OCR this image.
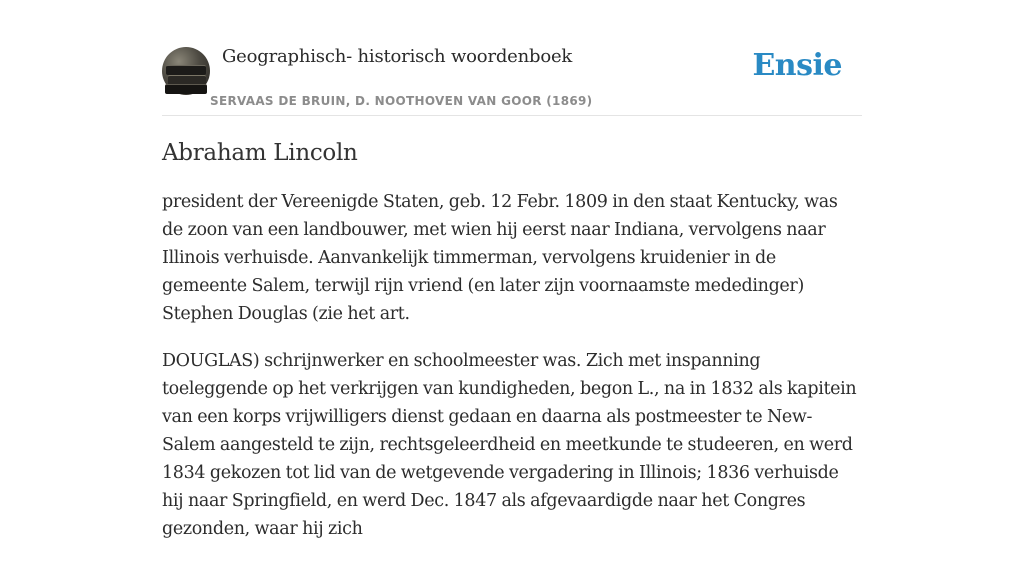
Geographisch- historisch woordenboek
SERVAAS DE BRUIN, D. NOOTHOVEN VAN GOOR (1869)
Ensie
Abraham Lincoln

president der Vereenigde Staten, geb. 12 Febr. 1809 in den staat Kentucky, was de zoon van een landbouwer, met wien hij eerst naar Indiana, vervolgens naar Illinois verhuisde. Aanvankelijk timmerman, vervolgens kruidenier in de gemeente Salem, terwijl rijn vriend (en later zijn voornaamste mededinger) Stephen Douglas (zie het art.

DOUGLAS) schrijnwerker en schoolmeester was. Zich met inspanning toeleggende op het verkrijgen van kundigheden, begon L., na in 1832 als kapitein van een korps vrijwilligers dienst gedaan en daarna als postmeester te New-Salem aangesteld te zijn, rechtsgeleerdheid en meetkunde te studeeren, en werd 1834 gekozen tot lid van de wetgevende vergadering in Illinois; 1836 verhuisde hij naar Springfield, en werd Dec. 1847 als afgevaardigde naar het Congres gezonden, waar hij zich
